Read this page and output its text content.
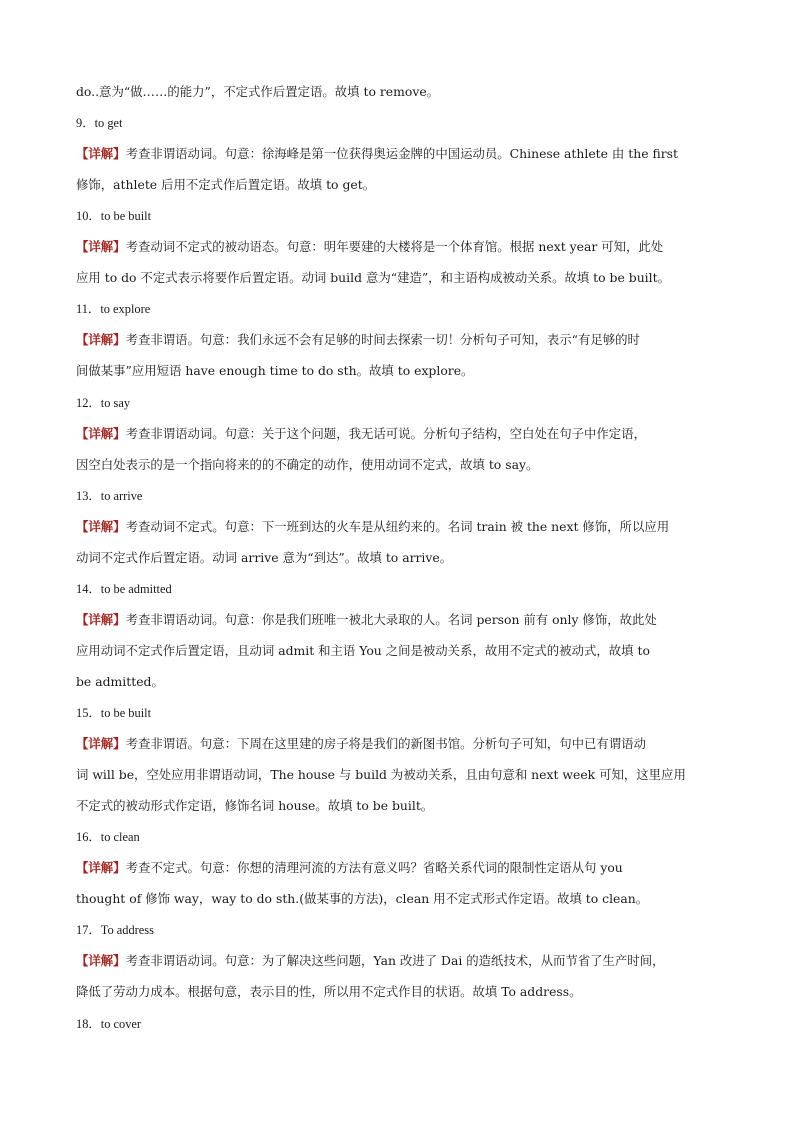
do..意为“做……的能力”，不定式作后置定语。故填 to remove。
9．to get
【详解】考查非谓语动词。句意：徐海峰是第一位获得奥运金牌的中国运动员。Chinese athlete 由 the first
修饰，athlete 后用不定式作后置定语。故填 to get。
10．to be built
【详解】考查动词不定式的被动语态。句意：明年要建的大楼将是一个体育馆。根据 next year 可知，此处
应用 to do 不定式表示将要作后置定语。动词 build 意为“建造”，和主语构成被动关系。故填 to be built。
11．to explore
【详解】考查非谓语。句意：我们永远不会有足够的时间去探索一切！分析句子可知，表示“有足够的时
间做某事”应用短语 have enough time to do sth。故填 to explore。
12．to say
【详解】考查非谓语动词。句意：关于这个问题，我无话可说。分析句子结构，空白处在句子中作定语，
因空白处表示的是一个指向将来的的不确定的动作，使用动词不定式，故填 to say。
13．to arrive
【详解】考查动词不定式。句意：下一班到达的火车是从纽约来的。名词 train 被 the next 修饰，所以应用
动词不定式作后置定语。动词 arrive 意为“到达”。故填 to arrive。
14．to be admitted
【详解】考查非谓语动词。句意：你是我们班唯一被北大录取的人。名词 person 前有 only 修饰，故此处
应用动词不定式作后置定语，且动词 admit 和主语 You 之间是被动关系，故用不定式的被动式，故填 to
be admitted。
15．to be built
【详解】考查非谓语。句意：下周在这里建的房子将是我们的新图书馆。分析句子可知，句中已有谓语动
词 will be，空处应用非谓语动词，The house 与 build 为被动关系，且由句意和 next week 可知，这里应用
不定式的被动形式作定语，修饰名词 house。故填 to be built。
16．to clean
【详解】考查不定式。句意：你想的清理河流的方法有意义吗？省略关系代词的限制性定语从句 you
thought of 修饰 way，way to do sth.(做某事的方法)，clean 用不定式形式作定语。故填 to clean。
17．To address
【详解】考查非谓语动词。句意：为了解决这些问题，Yan 改进了 Dai 的造纸技术，从而节省了生产时间，
降低了劳动力成本。根据句意，表示目的性，所以用不定式作目的状语。故填 To address。
18．to cover
